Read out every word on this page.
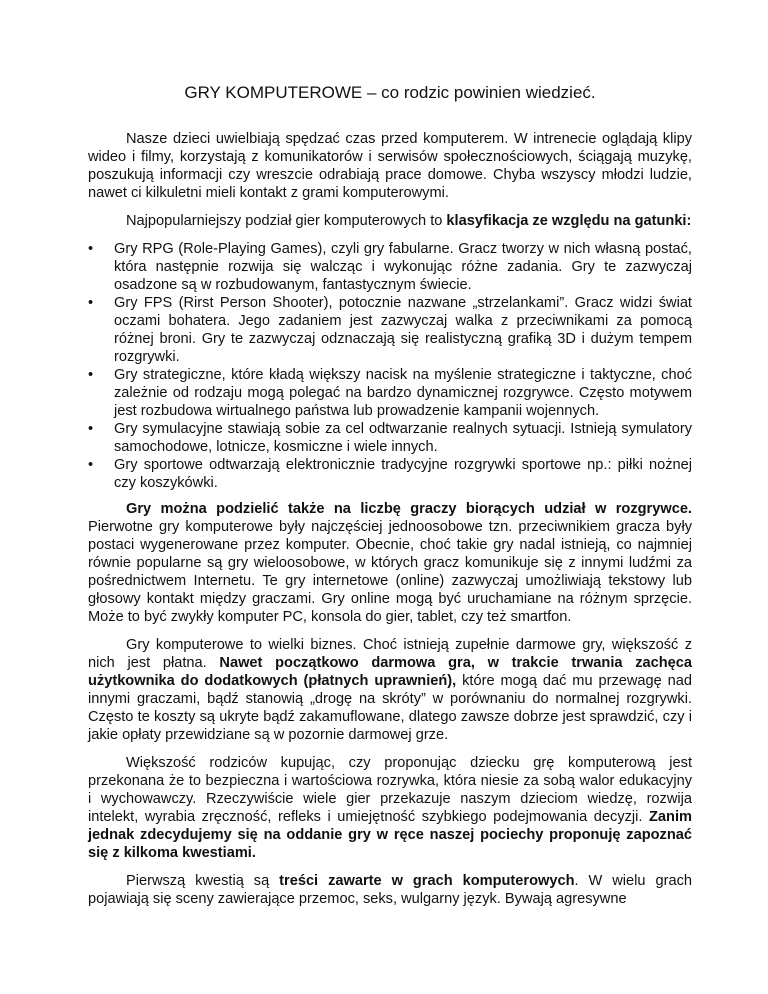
GRY KOMPUTEROWE – co rodzic powinien wiedzieć.

Nasze dzieci uwielbiają spędzać czas przed komputerem. W intrenecie oglądają klipy wideo i filmy, korzystają z komunikatorów i serwisów społecznościowych, ściągają muzykę, poszukują informacji czy wreszcie odrabiają prace domowe. Chyba wszyscy młodzi ludzie, nawet ci kilkuletni mieli kontakt z grami komputerowymi.

Najpopularniejszy podział gier komputerowych to klasyfikacja ze względu na gatunki:

• Gry RPG (Role-Playing Games), czyli gry fabularne. Gracz tworzy w nich własną postać, która następnie rozwija się walcząc i wykonując różne zadania. Gry te zazwyczaj osadzone są w rozbudowanym, fantastycznym świecie.
• Gry FPS (Rirst Person Shooter), potocznie nazwane „strzelankami”. Gracz widzi świat oczami bohatera. Jego zadaniem jest zazwyczaj walka z przeciwnikami za pomocą różnej broni. Gry te zazwyczaj odznaczają się realistyczną grafiką 3D i dużym tempem rozgrywki.
• Gry strategiczne, które kładą większy nacisk na myślenie strategiczne i taktyczne, choć zależnie od rodzaju mogą polegać na bardzo dynamicznej rozgrywce. Często motywem jest rozbudowa wirtualnego państwa lub prowadzenie kampanii wojennych.
• Gry symulacyjne stawiają sobie za cel odtwarzanie realnych sytuacji. Istnieją symulatory samochodowe, lotnicze, kosmiczne i wiele innych.
• Gry sportowe odtwarzają elektronicznie tradycyjne rozgrywki sportowe np.: piłki nożnej czy koszykówki.

Gry można podzielić także na liczbę graczy biorących udział w rozgrywce. Pierwotne gry komputerowe były najczęściej jednoosobowe tzn. przeciwnikiem gracza były postaci wygenerowane przez komputer. Obecnie, choć takie gry nadal istnieją, co najmniej równie popularne są gry wieloosobowe, w których gracz komunikuje się z innymi ludźmi za pośrednictwem Internetu. Te gry internetowe (online) zazwyczaj umożliwiają tekstowy lub głosowy kontakt między graczami. Gry online mogą być uruchamiane na różnym sprzęcie. Może to być zwykły komputer PC, konsola do gier, tablet, czy też smartfon.

Gry komputerowe to wielki biznes. Choć istnieją zupełnie darmowe gry, większość z nich jest płatna. Nawet początkowo darmowa gra, w trakcie trwania zachęca użytkownika do dodatkowych (płatnych uprawnień), które mogą dać mu przewagę nad innymi graczami, bądź stanowią „drogę na skróty” w porównaniu do normalnej rozgrywki. Często te koszty są ukryte bądź zakamuflowane, dlatego zawsze dobrze jest sprawdzić, czy i jakie opłaty przewidziane są w pozornie darmowej grze.

Większość rodziców kupując, czy proponując dziecku grę komputerową jest przekonana że to bezpieczna i wartościowa rozrywka, która niesie za sobą walor edukacyjny i wychowawczy. Rzeczywiście wiele gier przekazuje naszym dzieciom wiedzę, rozwija intelekt, wyrabia zręczność, refleks i umiejętność szybkiego podejmowania decyzji. Zanim jednak zdecydujemy się na oddanie gry w ręce naszej pociechy proponuję zapoznać się z kilkoma kwestiami.

Pierwszą kwestią są treści zawarte w grach komputerowych. W wielu grach pojawiają się sceny zawierające przemoc, seks, wulgarny język. Bywają agresywne
